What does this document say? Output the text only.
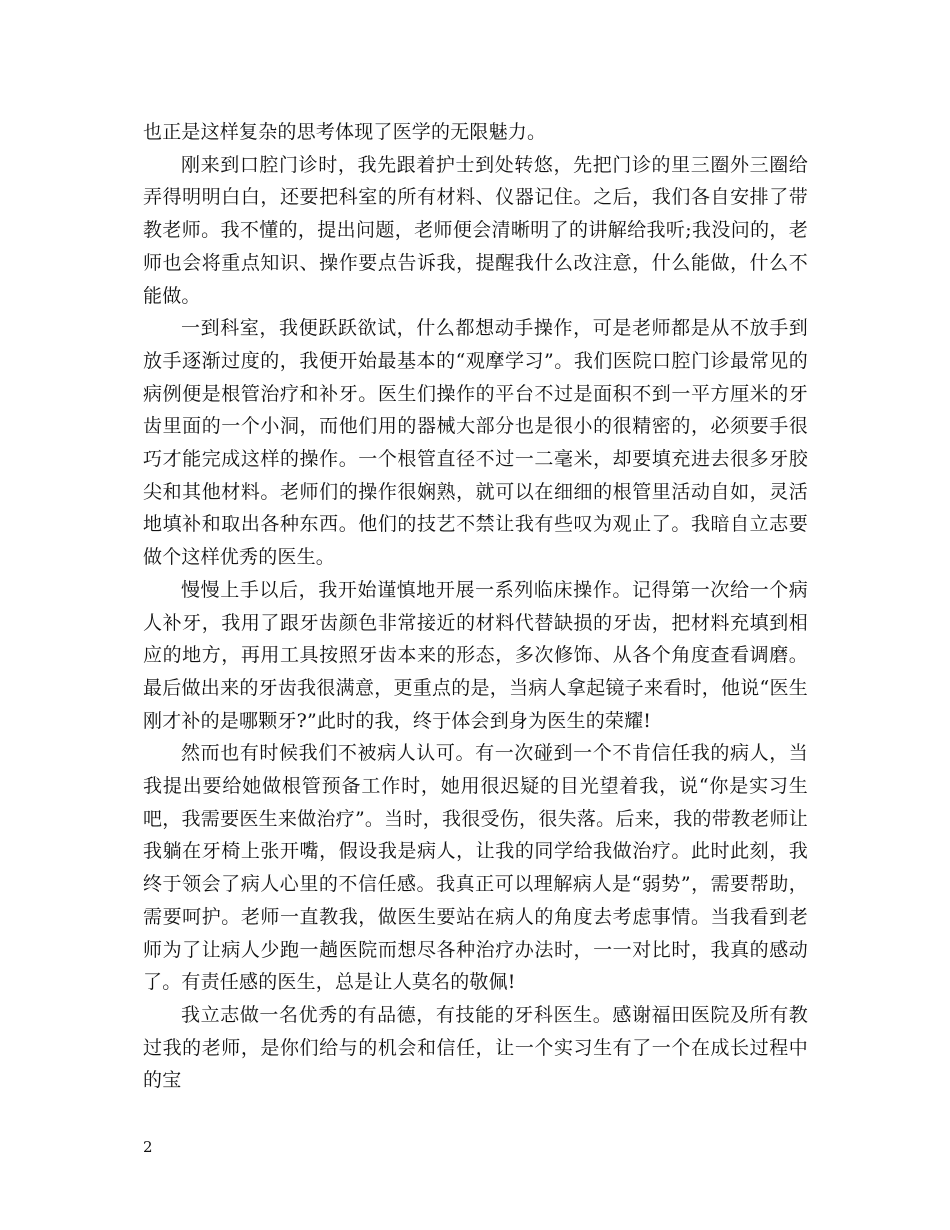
也正是这样复杂的思考体现了医学的无限魅力。

刚来到口腔门诊时，我先跟着护士到处转悠，先把门诊的里三圈外三圈给弄得明明白白，还要把科室的所有材料、仪器记住。之后，我们各自安排了带教老师。我不懂的，提出问题，老师便会清晰明了的讲解给我听;我没问的，老师也会将重点知识、操作要点告诉我，提醒我什么改注意，什么能做，什么不能做。

一到科室，我便跃跃欲试，什么都想动手操作，可是老师都是从不放手到放手逐渐过度的，我便开始最基本的“观摩学习”。我们医院口腔门诊最常见的病例便是根管治疗和补牙。医生们操作的平台不过是面积不到一平方厘米的牙齿里面的一个小洞，而他们用的器械大部分也是很小的很精密的，必须要手很巧才能完成这样的操作。一个根管直径不过一二毫米，却要填充进去很多牙胶尖和其他材料。老师们的操作很娴熟，就可以在细细的根管里活动自如，灵活地填补和取出各种东西。他们的技艺不禁让我有些叹为观止了。我暗自立志要做个这样优秀的医生。

慢慢上手以后，我开始谨慎地开展一系列临床操作。记得第一次给一个病人补牙，我用了跟牙齿颜色非常接近的材料代替缺损的牙齿，把材料充填到相应的地方，再用工具按照牙齿本来的形态，多次修饰、从各个角度查看调磨。最后做出来的牙齿我很满意，更重点的是，当病人拿起镜子来看时，他说“医生刚才补的是哪颗牙?”此时的我，终于体会到身为医生的荣耀!

然而也有时候我们不被病人认可。有一次碰到一个不肯信任我的病人，当我提出要给她做根管预备工作时，她用很迟疑的目光望着我，说“你是实习生吧，我需要医生来做治疗”。当时，我很受伤，很失落。后来，我的带教老师让我躺在牙椅上张开嘴，假设我是病人，让我的同学给我做治疗。此时此刻，我终于领会了病人心里的不信任感。我真正可以理解病人是“弱势”，需要帮助，需要呵护。老师一直教我，做医生要站在病人的角度去考虑事情。当我看到老师为了让病人少跑一趟医院而想尽各种治疗办法时，一一对比时，我真的感动了。有责任感的医生，总是让人莫名的敬佩!

我立志做一名优秀的有品德，有技能的牙科医生。感谢福田医院及所有教过我的老师，是你们给与的机会和信任，让一个实习生有了一个在成长过程中的宝

2
